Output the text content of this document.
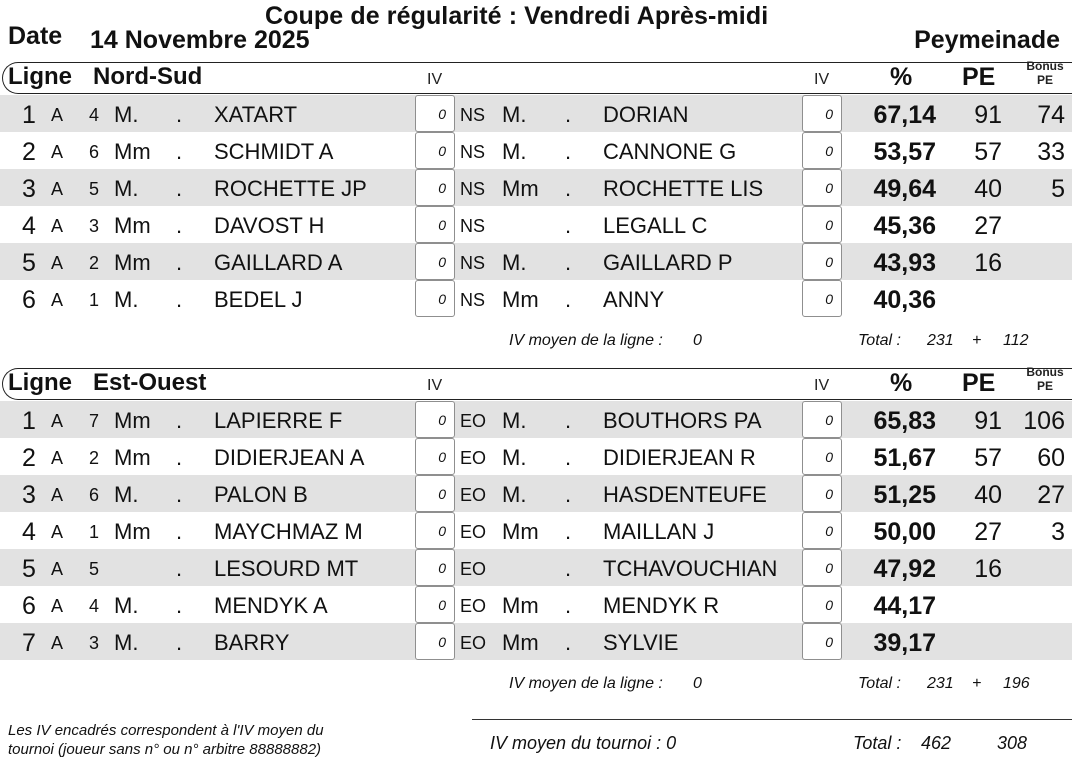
Coupe de régularité : Vendredi Après-midi
Date 14 Novembre 2025	Peymeinade
Ligne Nord-Sud	IV	IV % PE	Bonus
PE
1 A 4 M. . XATART	0 NS M. . DORIAN	0	67,14	91	74
2 A 6 Mm . SCHMIDT A	0 NS M. . CANNONE G	0	53,57	57	33
3 A 5 M. . ROCHETTE JP	0 NS Mm . ROCHETTE LIS	0	49,64	40	5
4 A 3 Mm . DAVOST H	0 NS	. LEGALL C	0	45,36	27
5 A 2 Mm . GAILLARD A	0 NS M. . GAILLARD P	0	43,93	16
6 A 1 M. . BEDEL J	0 NS Mm . ANNY	0	40,36
IV moyen de la ligne : 0	Total : 231 + 112
Ligne Est-Ouest	IV	IV % PE	Bonus
PE
1 A 7 Mm . LAPIERRE F	0 EO M. . BOUTHORS PA	0	65,83	91 106
2 A 2 Mm . DIDIERJEAN A	0 EO M. . DIDIERJEAN R	0	51,67	57	60
3 A 6 M. . PALON B	0 EO M. . HASDENTEUFE	0	51,25	40	27
4 A 1 Mm . MAYCHMAZ M	0 EO Mm . MAILLAN J	0	50,00	27	3
5 A 5	. LESOURD MT	0 EO	. TCHAVOUCHIAN	0	47,92	16
6 A 4 M. . MENDYK A	0 EO Mm . MENDYK R	0	44,17
7 A 3 M. . BARRY	0 EO Mm . SYLVIE	0	39,17
IV moyen de la ligne : 0	Total : 231 + 196
Les IV encadrés correspondent à l'IV moyen du
tournoi (joueur sans n° ou n° arbitre 88888882)	IV moyen du tournoi : 0	Total : 462	308
